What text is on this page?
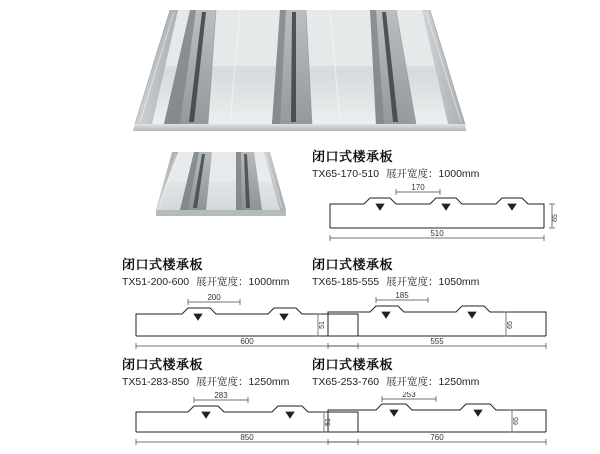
闭口式楼承板
TX65-170-510 展开宽度：1000mm
170
65
510
闭口式楼承板
TX51-200-600 展开宽度：1000mm
200
51
600
闭口式楼承板
TX65-185-555 展开宽度：1050mm
185
65
555
闭口式楼承板
TX51-283-850 展开宽度：1250mm
283
51
850
闭口式楼承板
TX65-253-760 展开宽度：1250mm
253
65
760
